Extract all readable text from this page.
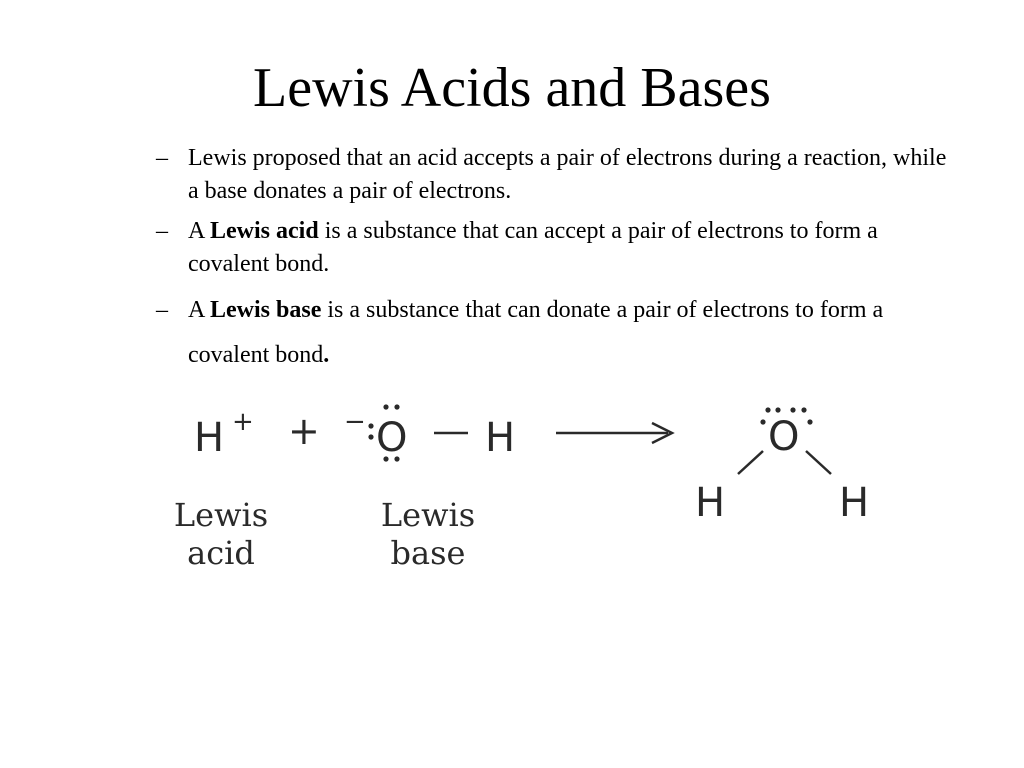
Lewis Acids and Bases
– Lewis proposed that an acid accepts a pair of electrons during a reaction, while a base donates a pair of electrons.
– A Lewis acid is a substance that can accept a pair of electrons to form a covalent bond.
– A Lewis base is a substance that can donate a pair of electrons to form a covalent bond.
H + + − O H	O
H	H
Lewis
acid
Lewis
base
